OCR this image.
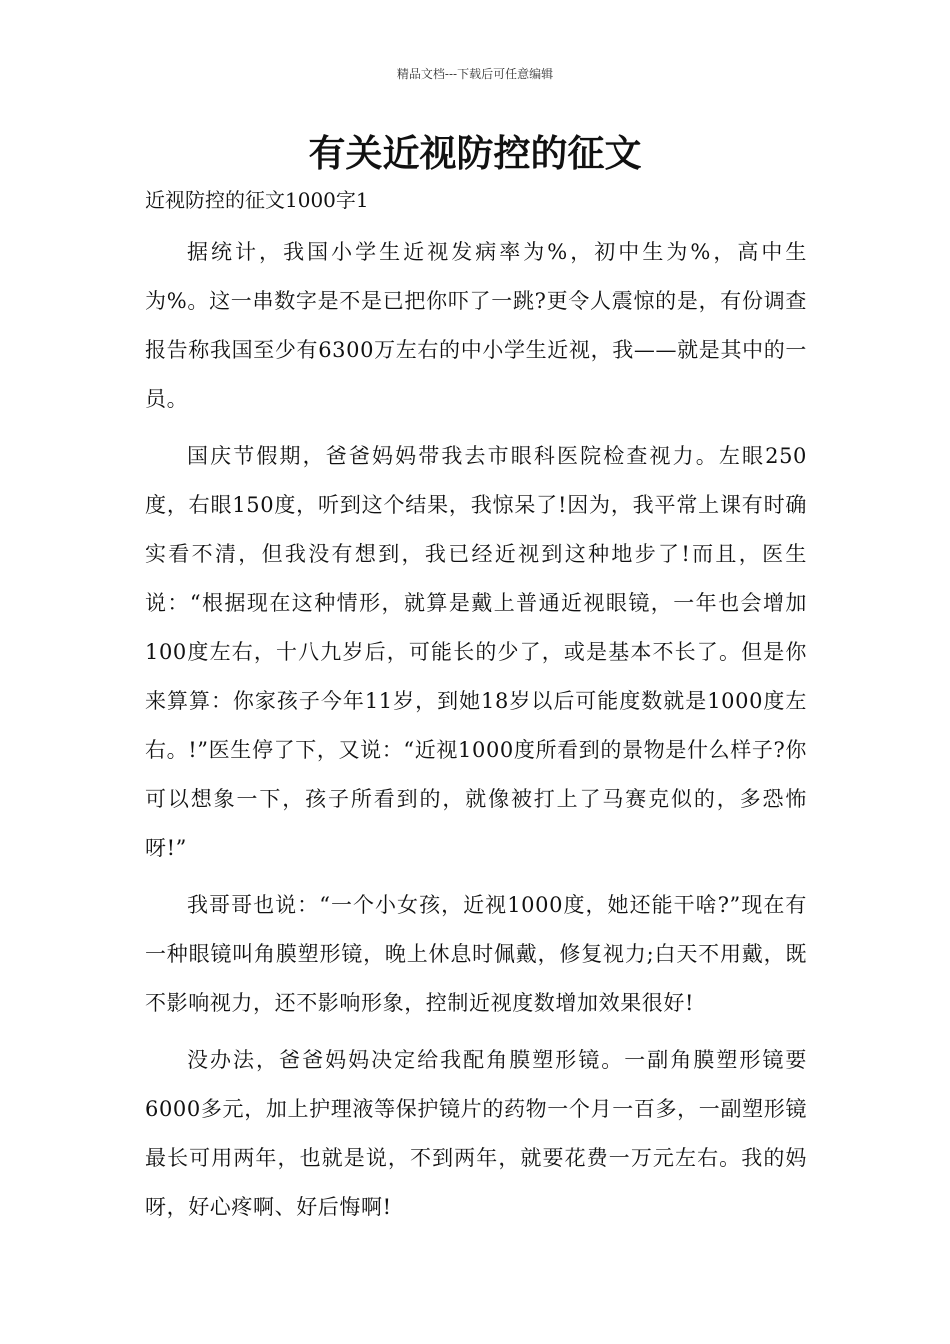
精品文档---下载后可任意编辑
有关近视防控的征文

近视防控的征文1000字1

据统计，我国小学生近视发病率为%，初中生为%，高中生为%。这一串数字是不是已把你吓了一跳?更令人震惊的是，有份调查报告称我国至少有6300万左右的中小学生近视，我——就是其中的一员。

国庆节假期，爸爸妈妈带我去市眼科医院检查视力。左眼250度，右眼150度，听到这个结果，我惊呆了!因为，我平常上课有时确实看不清，但我没有想到，我已经近视到这种地步了!而且，医生说：“根据现在这种情形，就算是戴上普通近视眼镜，一年也会增加100度左右，十八九岁后，可能长的少了，或是基本不长了。但是你来算算：你家孩子今年11岁，到她18岁以后可能度数就是1000度左右。!”医生停了下，又说：“近视1000度所看到的景物是什么样子?你可以想象一下，孩子所看到的，就像被打上了马赛克似的，多恐怖呀!”

我哥哥也说：“一个小女孩，近视1000度，她还能干啥?”现在有一种眼镜叫角膜塑形镜，晚上休息时佩戴，修复视力;白天不用戴，既不影响视力，还不影响形象，控制近视度数增加效果很好!

没办法，爸爸妈妈决定给我配角膜塑形镜。一副角膜塑形镜要6000多元，加上护理液等保护镜片的药物一个月一百多，一副塑形镜最长可用两年，也就是说，不到两年，就要花费一万元左右。我的妈呀，好心疼啊、好后悔啊!
